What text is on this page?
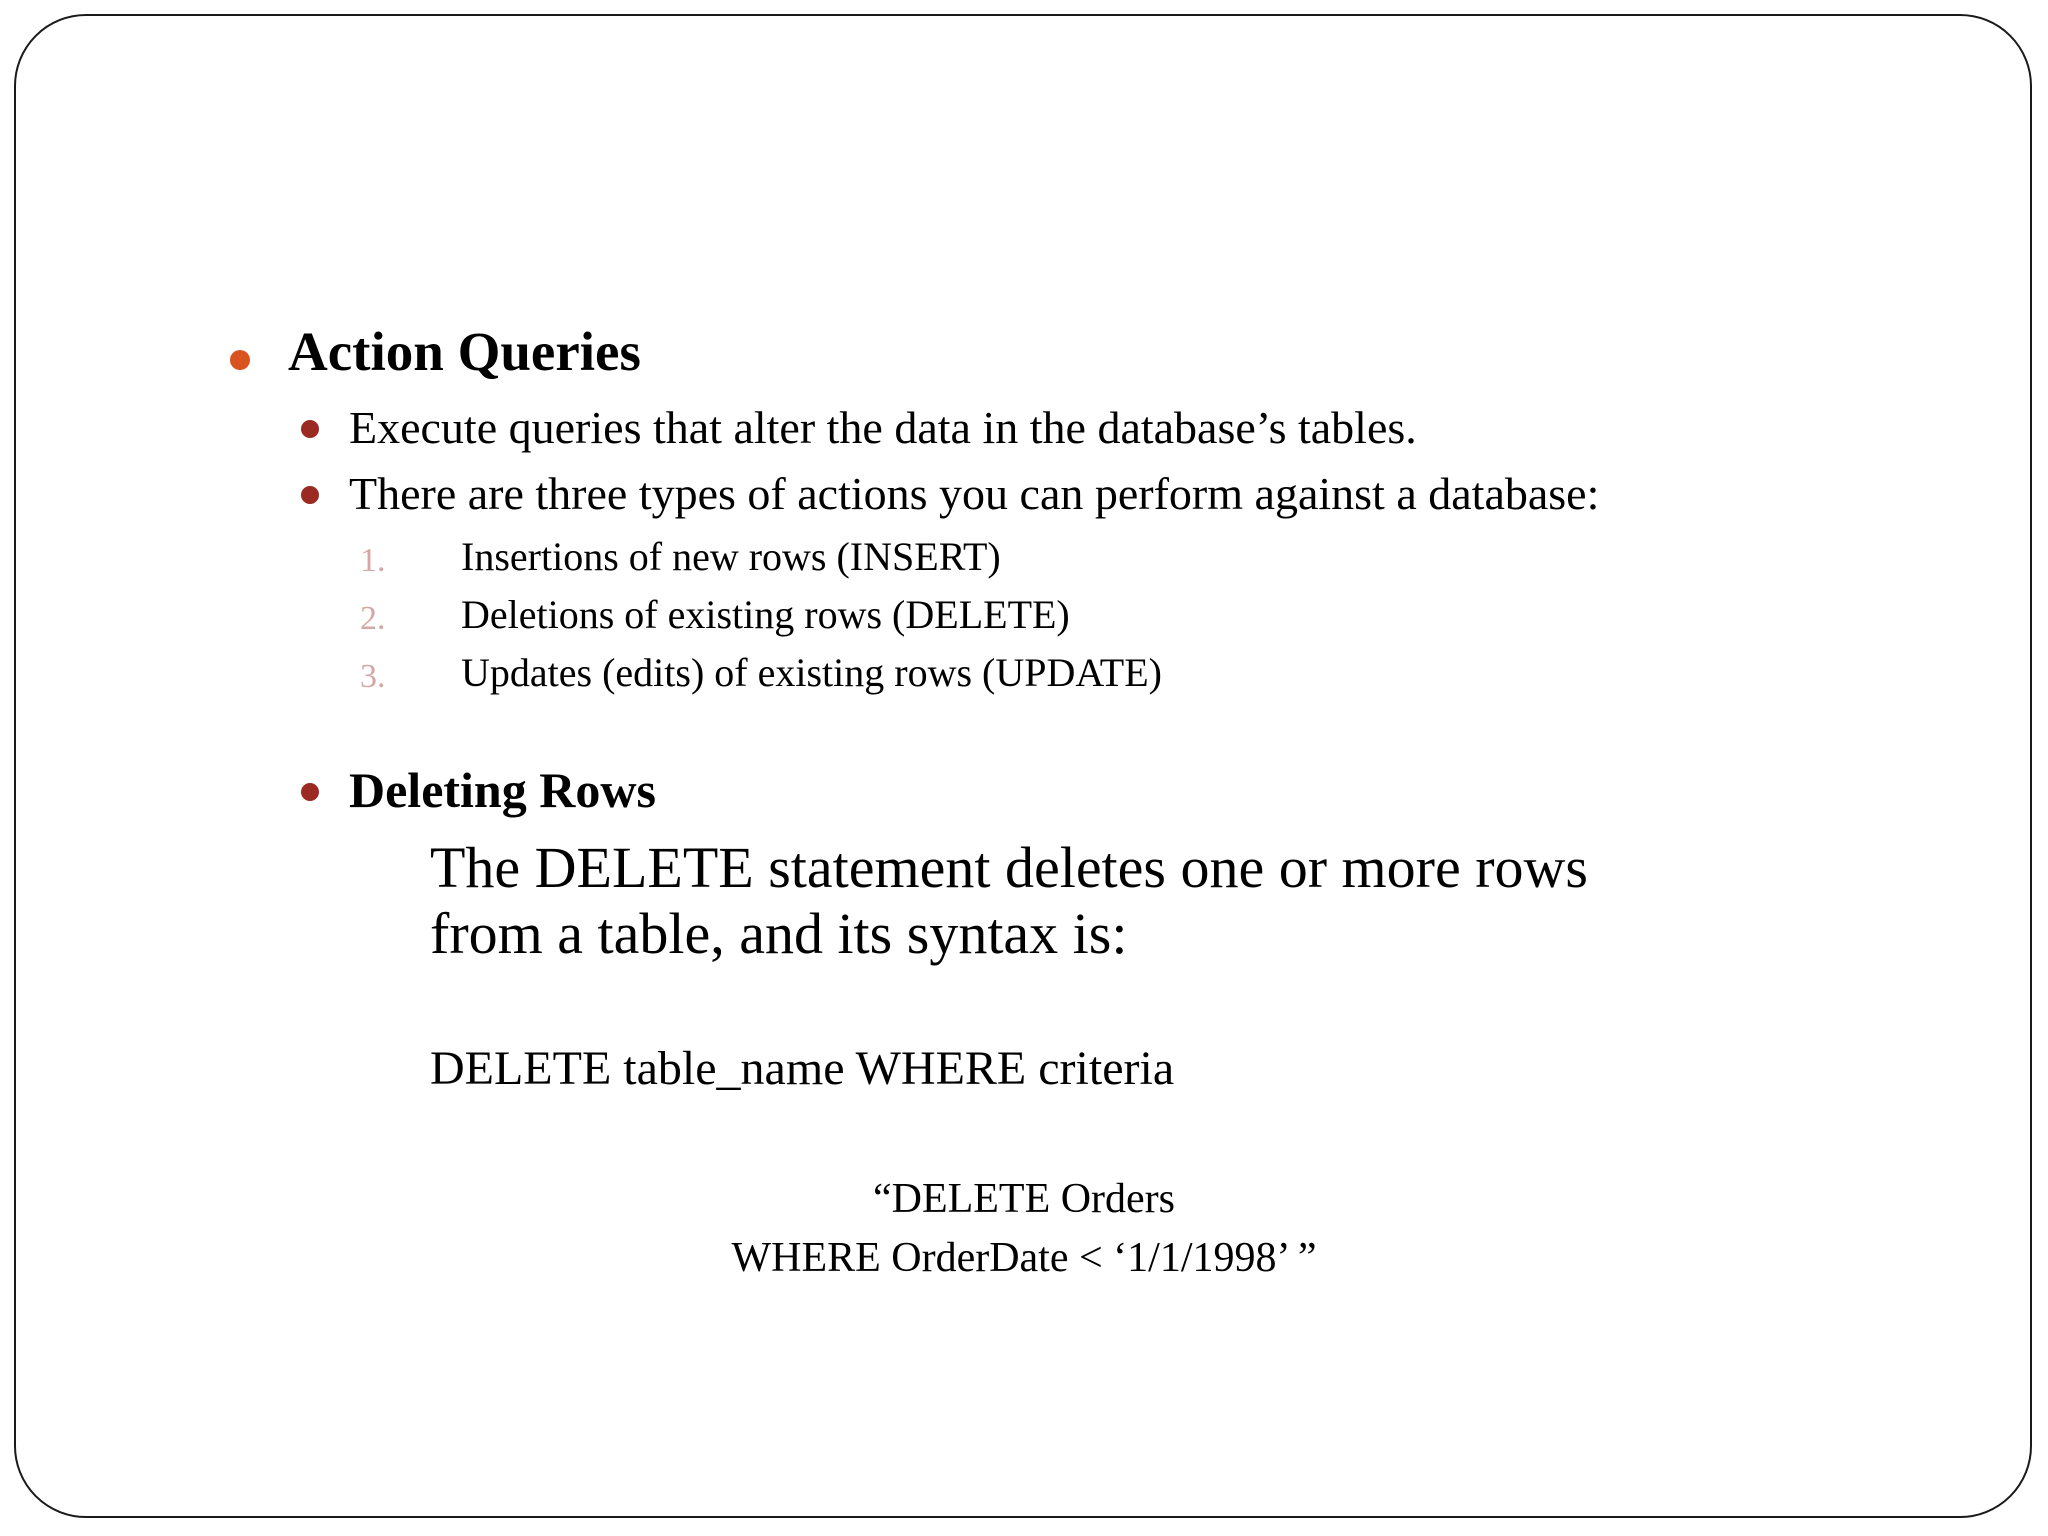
Action Queries
Execute queries that alter the data in the database’s tables.
There are three types of actions you can perform against a database:
1. Insertions of new rows (INSERT)
2. Deletions of existing rows (DELETE)
3. Updates (edits) of existing rows (UPDATE)
Deleting Rows
The DELETE statement deletes one or more rows
from a table, and its syntax is:
DELETE table_name WHERE criteria
“DELETE Orders
WHERE OrderDate < ‘1/1/1998’ ”
